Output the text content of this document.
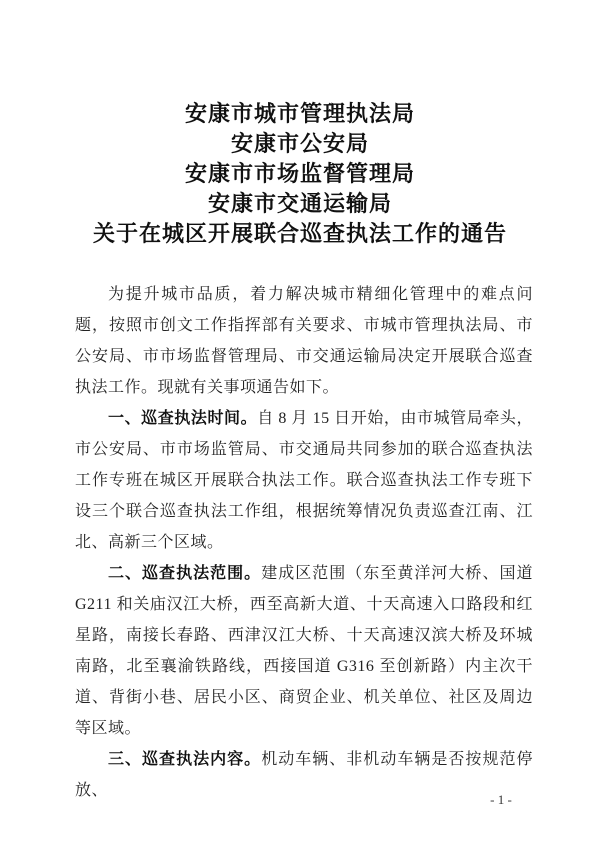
安康市城市管理执法局
安康市公安局
安康市市场监督管理局
安康市交通运输局
关于在城区开展联合巡查执法工作的通告

为提升城市品质，着力解决城市精细化管理中的难点问题，按照市创文工作指挥部有关要求、市城市管理执法局、市公安局、市市场监督管理局、市交通运输局决定开展联合巡查执法工作。现就有关事项通告如下。

一、巡查执法时间。自 8 月 15 日开始，由市城管局牵头，市公安局、市市场监管局、市交通局共同参加的联合巡查执法工作专班在城区开展联合执法工作。联合巡查执法工作专班下设三个联合巡查执法工作组，根据统筹情况负责巡查江南、江北、高新三个区域。

二、巡查执法范围。建成区范围（东至黄洋河大桥、国道 G211 和关庙汉江大桥，西至高新大道、十天高速入口路段和红星路，南接长春路、西津汉江大桥、十天高速汉滨大桥及环城南路，北至襄渝铁路线，西接国道 G316 至创新路）内主次干道、背街小巷、居民小区、商贸企业、机关单位、社区及周边等区域。

三、巡查执法内容。机动车辆、非机动车辆是否按规范停放、

- 1 -
